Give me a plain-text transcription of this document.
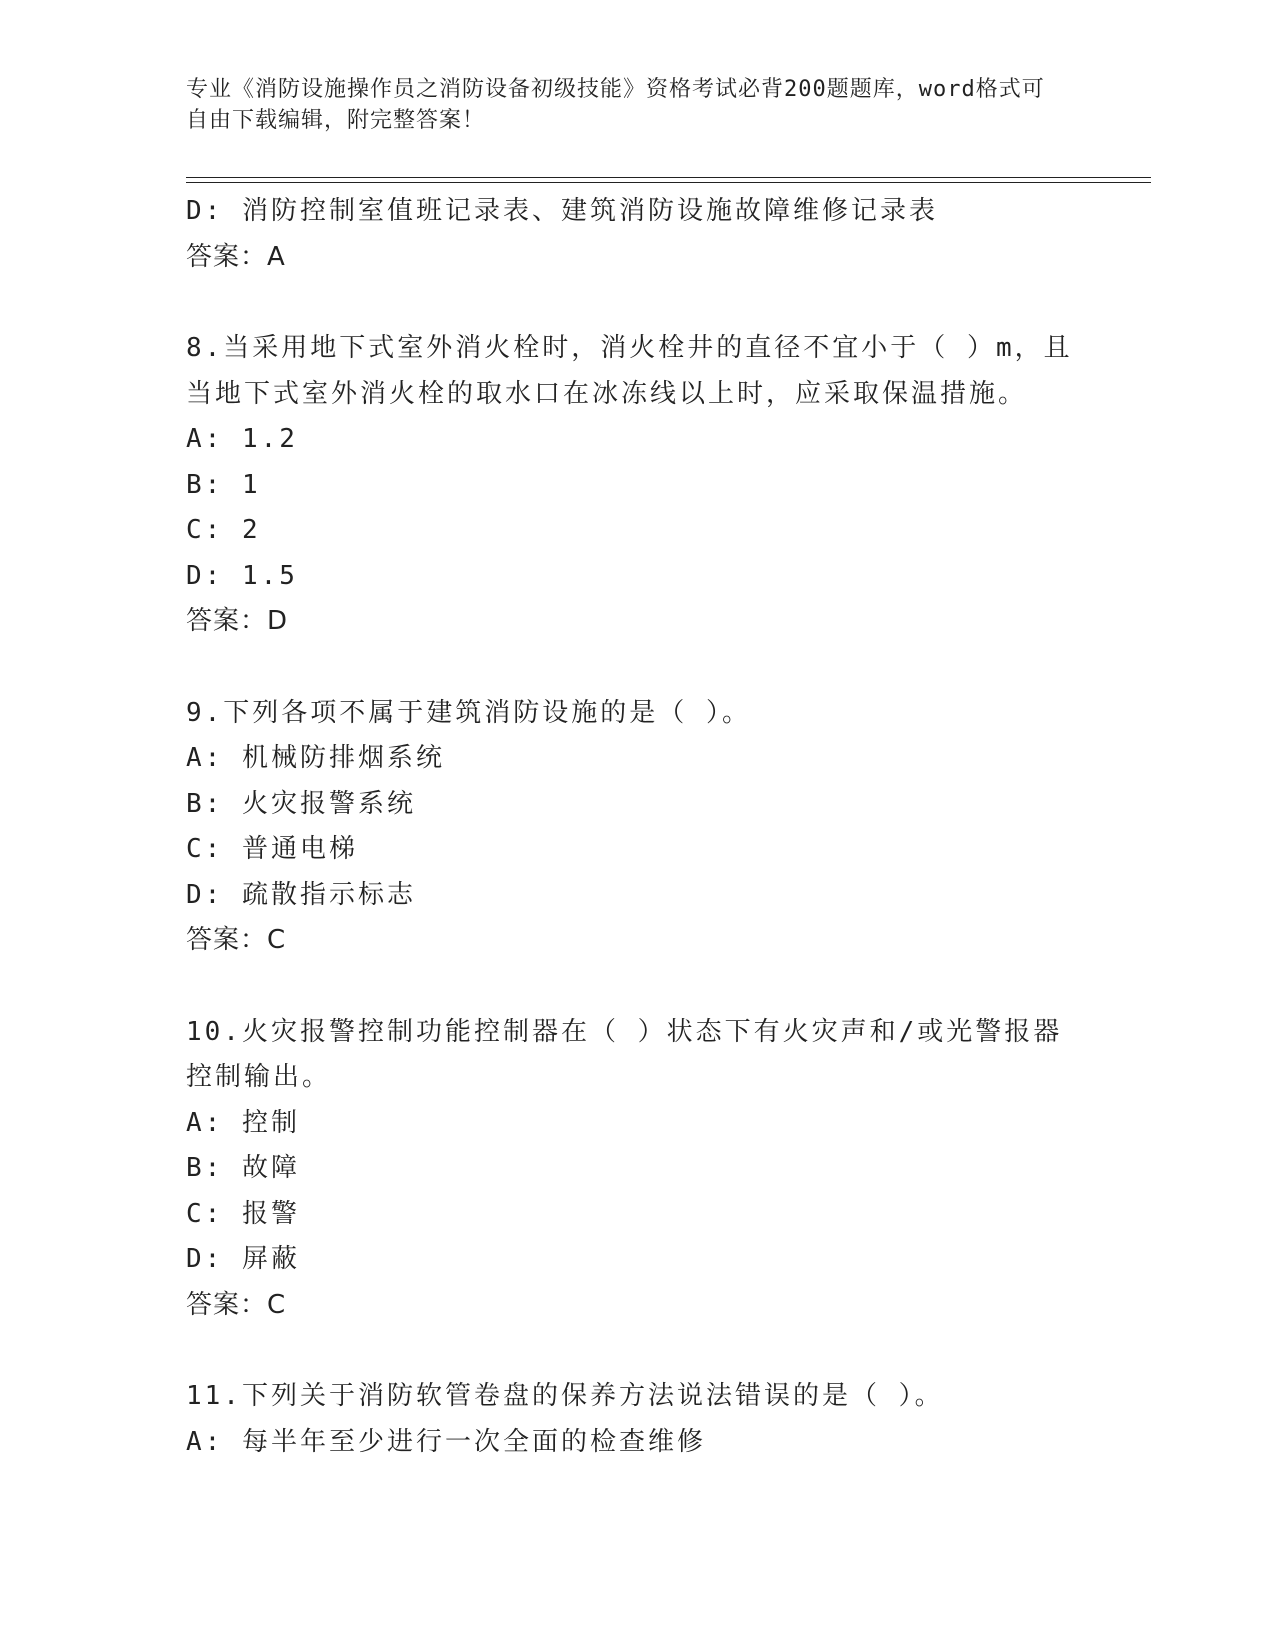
专业《消防设施操作员之消防设备初级技能》资格考试必背200题题库，word格式可自由下载编辑，附完整答案！
D: 消防控制室值班记录表、建筑消防设施故障维修记录表
答案：A
8.当采用地下式室外消火栓时，消火栓井的直径不宜小于（ ）m，且当地下式室外消火栓的取水口在冰冻线以上时，应采取保温措施。
A: 1.2
B: 1
C: 2
D: 1.5
答案：D
9.下列各项不属于建筑消防设施的是（ ）。
A: 机械防排烟系统
B: 火灾报警系统
C: 普通电梯
D: 疏散指示标志
答案：C
10.火灾报警控制功能控制器在（ ）状态下有火灾声和/或光警报器控制输出。
A: 控制
B: 故障
C: 报警
D: 屏蔽
答案：C
11.下列关于消防软管卷盘的保养方法说法错误的是（ ）。
A: 每半年至少进行一次全面的检查维修
